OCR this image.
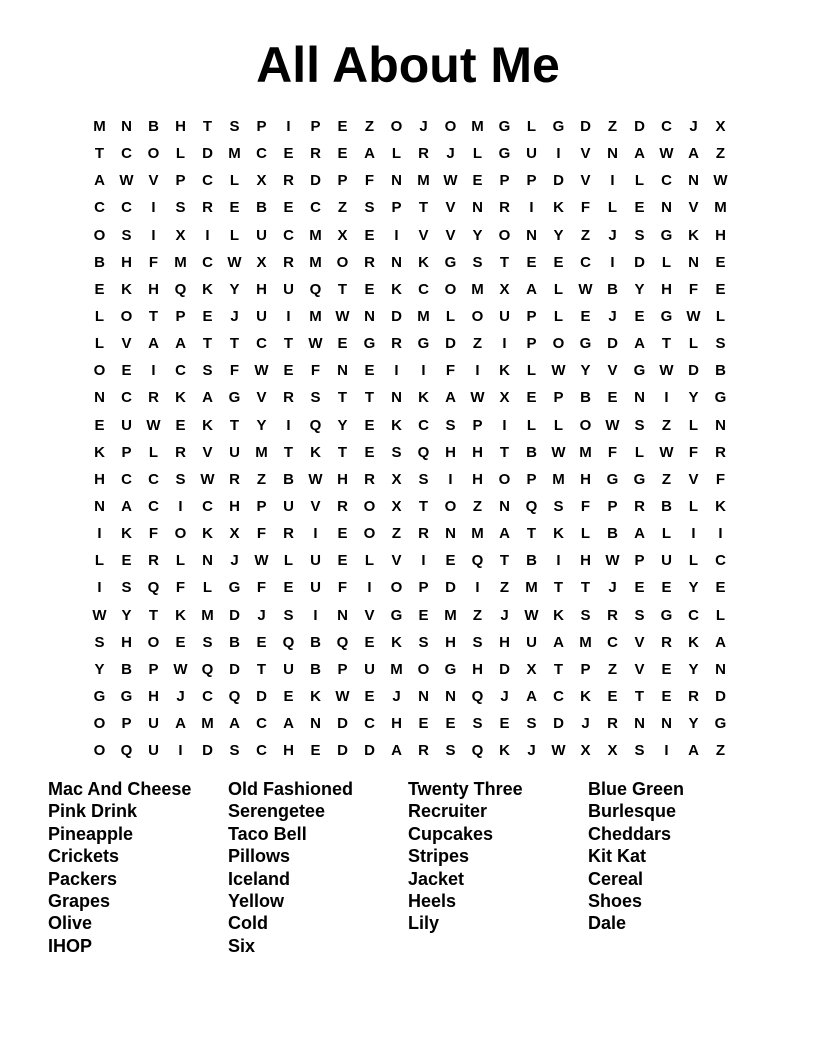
All About Me
M	N	B	H	T	S	P	I	P	E	Z	O	J	O M G	L	G	D	Z	D	C	J	X
T	C	O	L	D	M	C	E	R	E	A	L	R	J	L	G	U	I	V	N	A W A	Z
A W V	P	C	L	X	R	D	P	F	N	M W E	P	P	D	V	I	L	C	N W
C	C	I	S	R	E	B	E	C	Z	S	P	T	V	N	R	I	K	F	L	E	N	V	M
O	S	I	X	I	L	U	C	M	X	E	I	V	V	Y	O	N	Y	Z	J	S	G	K	H
B	H	F	M	C W X	R	M O	R	N	K	G	S	T	E	E	C	I	D	L	N	E
E	K	H	Q	K	Y	H	U	Q	T	E	K	C	O M	X	A	L	W B	Y	H	F	E
L	O	T	P	E	J	U	I	M W N	D	M	L	O	U	P	L	E	J	E	G W	L
L	V	A	A	T	T	C	T	W E	G	R	G	D	Z	I	P	O	G	D	A	T	L	S
O	E	I	C	S	F	W E	F	N	E	I	I	F	I	K	L	W Y	V	G W D	B
N	C	R	K	A	G	V	R	S	T	T	N	K	A W X	E	P	B	E	N	I	Y	G
E	U W E	K	T	Y	I	Q	Y	E	K	C	S	P	I	L	L	O W S	Z	L	N
K	P	L	R	V	U	M	T	K	T	E	S	Q	H	H	T	B W M	F	L	W	F	R
H	C	C	S W R	Z	B W H	R	X	S	I	H	O	P	M	H	G	G	Z	V	F
N	A	C	I	C	H	P	U	V	R	O	X	T	O	Z	N	Q	S	F	P	R	B	L	K
I	K	F	O	K	X	F	R	I	E	O	Z	R	N	M	A	T	K	L	B	A	L	I	I
L	E	R	L	N	J	W	L	U	E	L	V	I	E	Q	T	B	I	H W P	U	L	C
I	S	Q	F	L	G	F	E	U	F	I	O	P	D	I	Z	M	T	T	J	E	E	Y	E
W Y	T	K	M	D	J	S	I	N	V	G	E	M	Z	J	W K	S	R	S	G	C	L
S	H	O	E	S	B	E	Q	B	Q	E	K	S	H	S	H	U	A	M	C	V	R	K	A
Y	B	P W Q	D	T	U	B	P	U	M O	G	H	D	X	T	P	Z	V	E	Y	N
G	G	H	J	C	Q	D	E	K W E	J	N	N	Q	J	A	C	K	E	T	E	R	D
O	P	U	A	M	A	C	A	N	D	C	H	E	E	S	E	S	D	J	R	N	N	Y	G
O	Q	U	I	D	S	C	H	E	D	D	A	R	S	Q	K	J	W X	X	S	I	A	Z
Mac And Cheese
Pink Drink
Pineapple
Crickets
Packers
Grapes
Olive
IHOP
Old Fashioned
Serengetee
Taco Bell
Pillows
Iceland
Yellow
Cold
Six
Twenty Three
Recruiter
Cupcakes
Stripes
Jacket
Heels
Lily
Blue Green
Burlesque
Cheddars
Kit Kat
Cereal
Shoes
Dale
